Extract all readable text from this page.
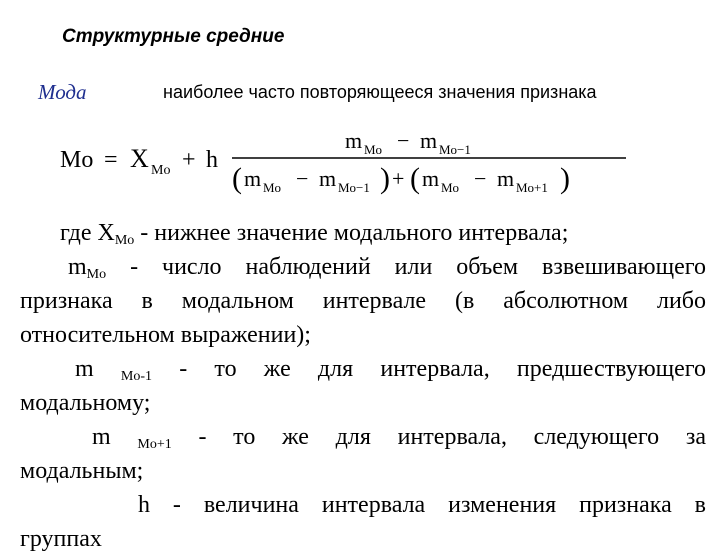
Структурные средние
Мода	наиболее часто повторяющееся значения признака
Mo = X Mo + h
m Mo − m Mo−1
( m Mo − m Mo−1 ) + ( m Mo − m Mo+1 )
где $X_{Mo}$ - нижнее значение модального интервала;
$m_{Mo}$ - число наблюдений или объем взвешивающего
признака в модальном интервале (в абсолютном либо
относительном выражении);
m $_{Mo-1}$ - то же для интервала, предшествующего
модальному;
m $_{Mo+1}$ - то же для интервала, следующего за
модальным;
h - величина интервала изменения признака в
группах
